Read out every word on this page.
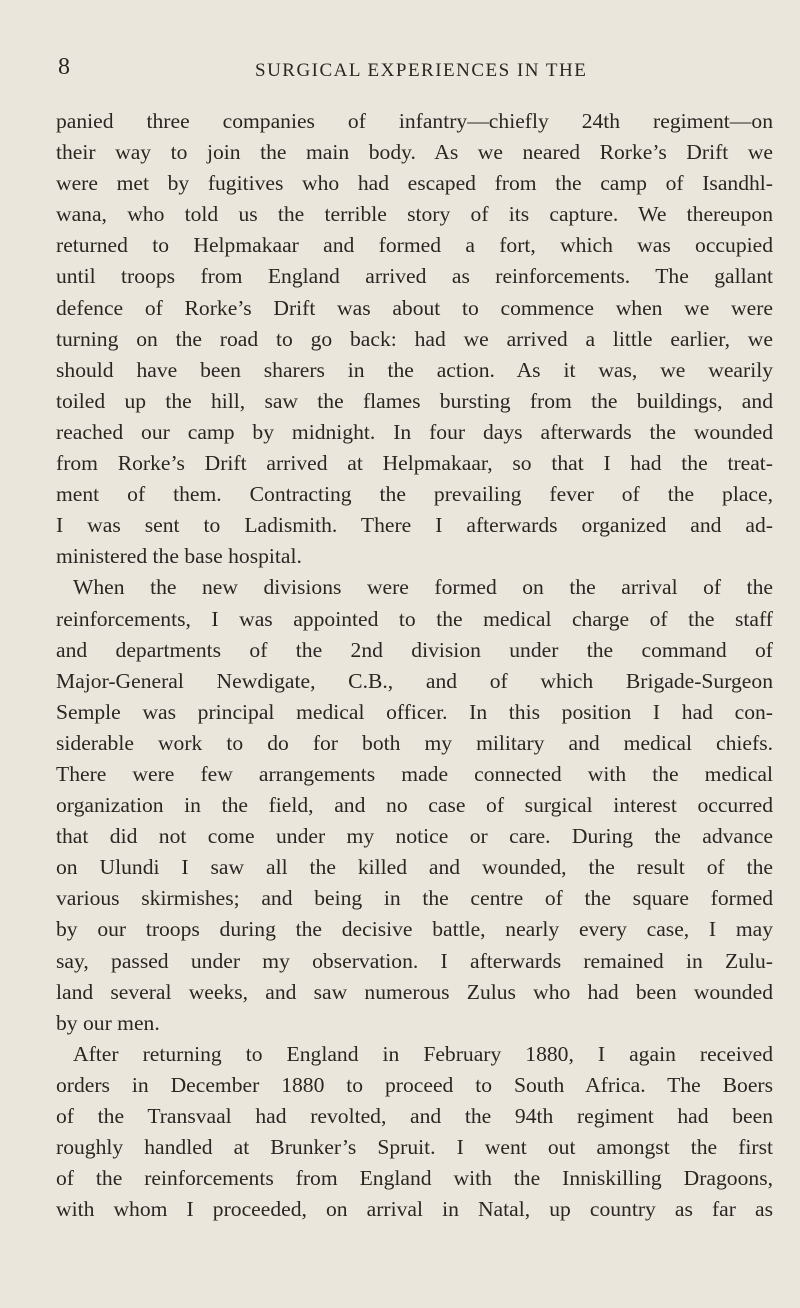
8	SURGICAL EXPERIENCES IN THE
panied three companies of infantry—chiefly 24th regiment—on
their way to join the main body. As we neared Rorke’s Drift we
were met by fugitives who had escaped from the camp of Isandhl-
wana, who told us the terrible story of its capture. We thereupon
returned to Helpmakaar and formed a fort, which was occupied
until troops from England arrived as reinforcements. The gallant
defence of Rorke’s Drift was about to commence when we were
turning on the road to go back: had we arrived a little earlier, we
should have been sharers in the action. As it was, we wearily
toiled up the hill, saw the flames bursting from the buildings, and
reached our camp by midnight. In four days afterwards the wounded
from Rorke’s Drift arrived at Helpmakaar, so that I had the treat-
ment of them. Contracting the prevailing fever of the place,
I was sent to Ladismith. There I afterwards organized and ad-
ministered the base hospital.
When the new divisions were formed on the arrival of the
reinforcements, I was appointed to the medical charge of the staff
and departments of the 2nd division under the command of
Major-General Newdigate, C.B., and of which Brigade-Surgeon
Semple was principal medical officer. In this position I had con-
siderable work to do for both my military and medical chiefs.
There were few arrangements made connected with the medical
organization in the field, and no case of surgical interest occurred
that did not come under my notice or care. During the advance
on Ulundi I saw all the killed and wounded, the result of the
various skirmishes; and being in the centre of the square formed
by our troops during the decisive battle, nearly every case, I may
say, passed under my observation. I afterwards remained in Zulu-
land several weeks, and saw numerous Zulus who had been wounded
by our men.
After returning to England in February 1880, I again received
orders in December 1880 to proceed to South Africa. The Boers
of the Transvaal had revolted, and the 94th regiment had been
roughly handled at Brunker’s Spruit. I went out amongst the first
of the reinforcements from England with the Inniskilling Dragoons,
with whom I proceeded, on arrival in Natal, up country as far as
